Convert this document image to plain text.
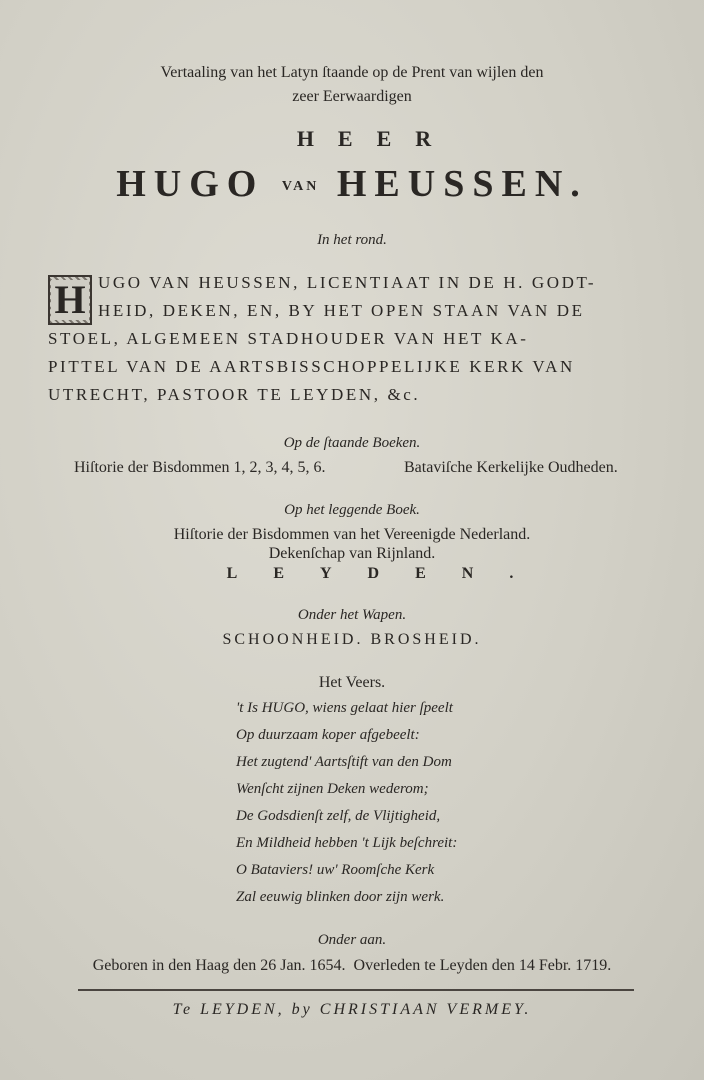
Vertaaling van het Latyn ſtaande op de Prent van wijlen den
zeer Eerwaardigen
HEER
HUGO VAN HEUSSEN.
In het rond.
H UGO VAN HEUSSEN, LICENTIAAT IN DE H. GODT-
HEID, DEKEN, EN, BY HET OPEN STAAN VAN DE
STOEL, ALGEMEEN STADHOUDER VAN HET KA-
PITTEL VAN DE AARTSBISSCHOPPELIJKE KERK VAN
UTRECHT, PASTOOR TE LEYDEN, &c.
Op de ſtaande Boeken.
Hiſtorie der Bisdommen 1, 2, 3, 4, 5, 6.	Bataviſche Kerkelijke Oudheden.
Op het leggende Boek.
Hiſtorie der Bisdommen van het Vereenigde Nederland.
Dekenſchap van Rijnland.
LEYDEN.
Onder het Wapen.
SCHOONHEID. BROSHEID.
Het Veers.
't Is HUGO, wiens gelaat hier ſpeelt
Op duurzaam koper afgebeelt:
Het zugtend' Aartsſtift van den Dom
Wenſcht zijnen Deken wederom;
De Godsdienſt zelf, de Vlijtigheid,
En Mildheid hebben 't Lijk beſchreit:
O Bataviers! uw' Roomſche Kerk
Zal eeuwig blinken door zijn werk.
Onder aan.
Geboren in den Haag den 26 Jan. 1654.  Overleden te Leyden den 14 Febr. 1719.
Te LEYDEN, by CHRISTIAAN VERMEY.
